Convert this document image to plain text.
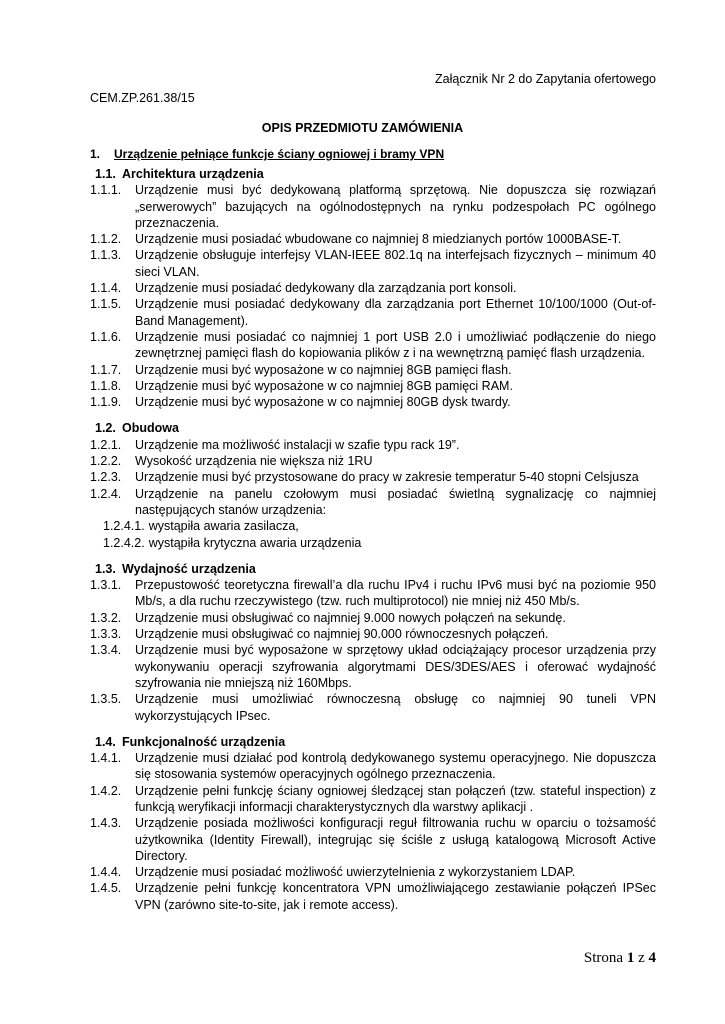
Załącznik Nr 2 do Zapytania ofertowego
CEM.ZP.261.38/15
OPIS PRZEDMIOTU ZAMÓWIENIA
1. Urządzenie pełniące funkcje ściany ogniowej i bramy VPN
1.1. Architektura urządzenia
1.1.1.	Urządzenie musi być dedykowaną platformą sprzętową. Nie dopuszcza się rozwiązań „serwerowych” bazujących na ogólnodostępnych na rynku podzespołach PC ogólnego przeznaczenia.
1.1.2.	Urządzenie musi posiadać wbudowane co najmniej 8 miedzianych portów 1000BASE-T.
1.1.3.	Urządzenie obsługuje interfejsy VLAN-IEEE 802.1q na interfejsach fizycznych – minimum 40 sieci VLAN.
1.1.4.	Urządzenie musi posiadać dedykowany dla zarządzania port konsoli.
1.1.5.	Urządzenie musi posiadać dedykowany dla zarządzania port Ethernet 10/100/1000 (Out-of-Band Management).
1.1.6.	Urządzenie musi posiadać co najmniej 1 port USB 2.0 i umożliwiać podłączenie do niego zewnętrznej pamięci flash do kopiowania plików z i na wewnętrzną pamięć flash urządzenia.
1.1.7.	Urządzenie musi być wyposażone w co najmniej 8GB pamięci flash.
1.1.8.	Urządzenie musi być wyposażone w co najmniej 8GB pamięci RAM.
1.1.9.	Urządzenie musi być wyposażone w co najmniej 80GB dysk twardy.
1.2. Obudowa
1.2.1.	Urządzenie ma możliwość instalacji w szafie typu rack 19”.
1.2.2.	Wysokość urządzenia nie większa niż 1RU
1.2.3.	Urządzenie musi być przystosowane do pracy w zakresie temperatur 5-40 stopni Celsjusza
1.2.4.	Urządzenie na panelu czołowym musi posiadać świetlną sygnalizację co najmniej następujących stanów urządzenia:
1.2.4.1. wystąpiła awaria zasilacza,
1.2.4.2. wystąpiła krytyczna awaria urządzenia
1.3. Wydajność urządzenia
1.3.1.	Przepustowość teoretyczna firewall’a dla ruchu IPv4 i ruchu IPv6 musi być na poziomie 950 Mb/s, a dla ruchu rzeczywistego (tzw. ruch multiprotocol) nie mniej niż 450 Mb/s.
1.3.2.	Urządzenie musi obsługiwać co najmniej 9.000 nowych połączeń na sekundę.
1.3.3.	Urządzenie musi obsługiwać co najmniej 90.000 równoczesnych połączeń.
1.3.4.	Urządzenie musi być wyposażone w sprzętowy układ odciążający procesor urządzenia przy wykonywaniu operacji szyfrowania algorytmami DES/3DES/AES i oferować wydajność szyfrowania nie mniejszą niż 160Mbps.
1.3.5.	Urządzenie musi umożliwiać równoczesną obsługę co najmniej 90 tuneli VPN wykorzystujących IPsec.
1.4. Funkcjonalność urządzenia
1.4.1.	Urządzenie musi działać pod kontrolą dedykowanego systemu operacyjnego. Nie dopuszcza się stosowania systemów operacyjnych ogólnego przeznaczenia.
1.4.2.	Urządzenie pełni funkcję ściany ogniowej śledzącej stan połączeń (tzw. stateful inspection) z funkcją weryfikacji informacji charakterystycznych dla warstwy aplikacji .
1.4.3.	Urządzenie posiada możliwości konfiguracji reguł filtrowania ruchu w oparciu o tożsamość użytkownika (Identity Firewall), integrując się ściśle z usługą katalogową Microsoft Active Directory.
1.4.4.	Urządzenie musi posiadać możliwość uwierzytelnienia z wykorzystaniem LDAP.
1.4.5.	Urządzenie pełni funkcję koncentratora VPN umożliwiającego zestawianie połączeń IPSec VPN (zarówno site-to-site, jak i remote access).
Strona 1 z 4
